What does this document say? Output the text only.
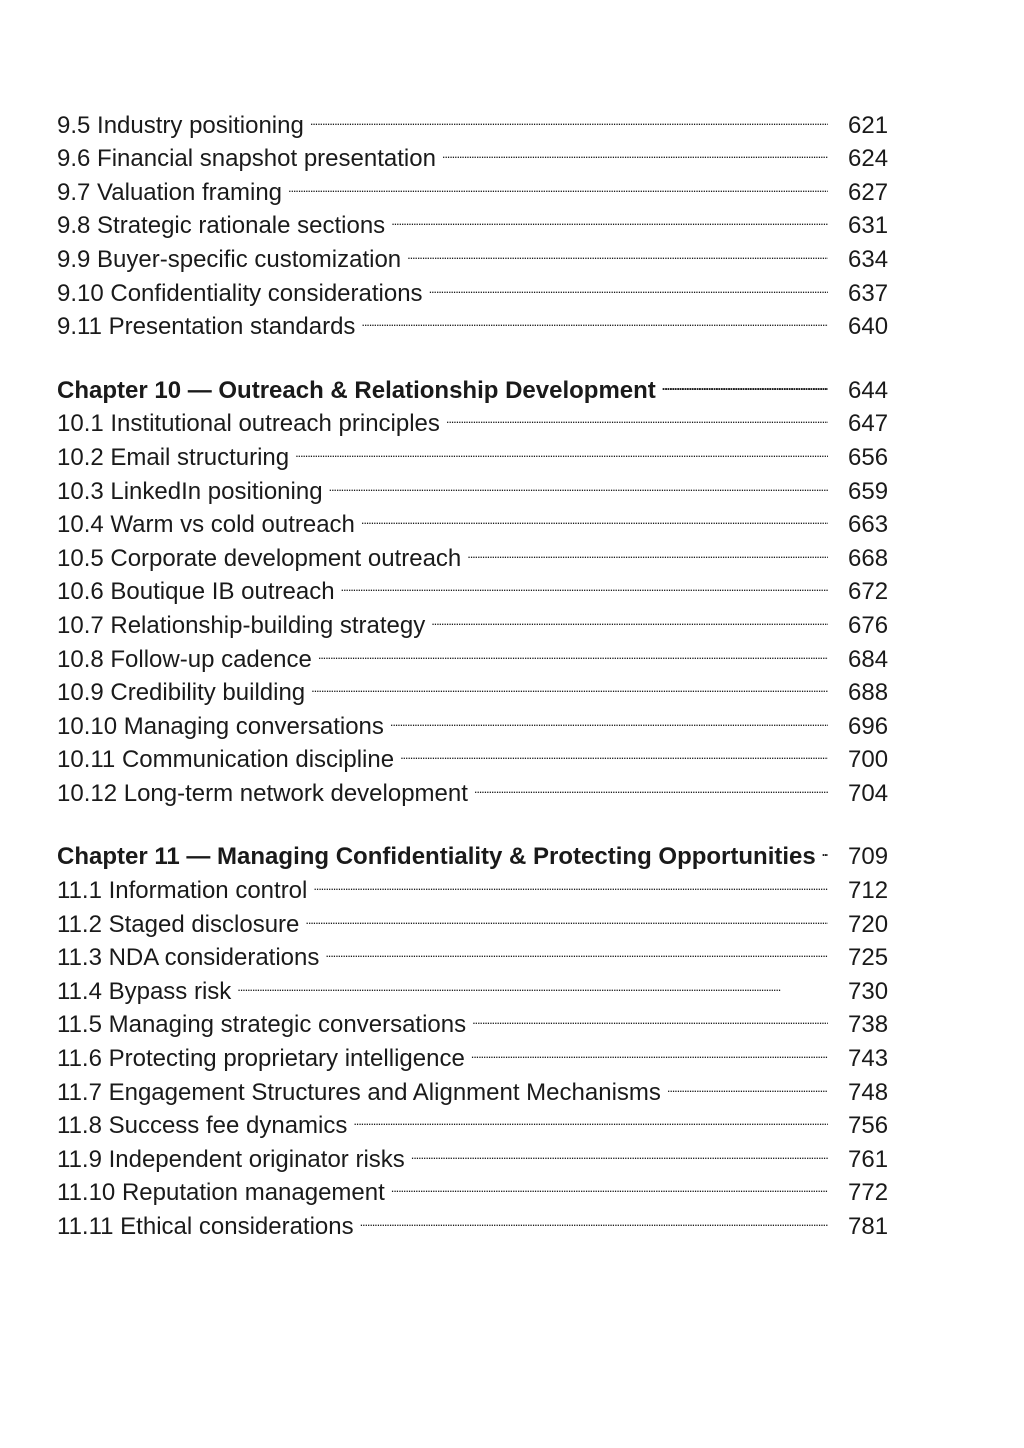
9.5 Industry positioning . . .	621
9.6 Financial snapshot presentation . . .	624
9.7 Valuation framing . . .	627
9.8 Strategic rationale sections . . .	631
9.9 Buyer-specific customization . . .	634
9.10 Confidentiality considerations . . .	637
9.11 Presentation standards . . .	640
Chapter 10 — Outreach & Relationship Development . . .	644
10.1 Institutional outreach principles . . .	647
10.2 Email structuring . . .	656
10.3 LinkedIn positioning . . .	659
10.4 Warm vs cold outreach . . .	663
10.5 Corporate development outreach . . .	668
10.6 Boutique IB outreach . . .	672
10.7 Relationship-building strategy . . .	676
10.8 Follow-up cadence . . .	684
10.9 Credibility building . . .	688
10.10 Managing conversations . . .	696
10.11 Communication discipline . . .	700
10.12 Long-term network development . . .	704
Chapter 11 — Managing Confidentiality & Protecting Opportunities . . .	709
11.1 Information control . . .	712
11.2 Staged disclosure . . .	720
11.3 NDA considerations . . .	725
11.4 Bypass risk . . .	730
11.5 Managing strategic conversations . . .	738
11.6 Protecting proprietary intelligence . . .	743
11.7 Engagement Structures and Alignment Mechanisms . . .	748
11.8 Success fee dynamics . . .	756
11.9 Independent originator risks . . .	761
11.10 Reputation management . . .	772
11.11 Ethical considerations . . .	781
